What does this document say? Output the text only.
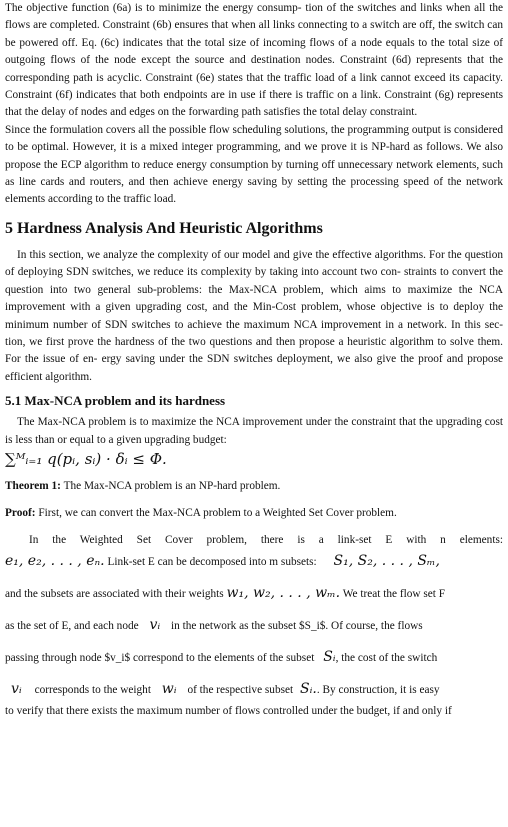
The objective function (6a) is to minimize the energy consump- tion of the switches and links when all the flows are completed. Constraint (6b) ensures that when all links connecting to a switch are off, the switch can be powered off. Eq. (6c) indicates that the total size of incoming flows of a node equals to the total size of outgoing flows of the node except the source and destination nodes. Constraint (6d) represents that the corresponding path is acyclic. Constraint (6e) states that the traffic load of a link cannot exceed its capacity. Constraint (6f) indicates that both endpoints are in use if there is traffic on a link. Constraint (6g) represents that the delay of nodes and edges on the forwarding path satisfies the total delay constraint.

Since the formulation covers all the possible flow scheduling solutions, the programming output is considered to be optimal. However, it is a mixed integer programming, and we prove it is NP-hard as follows. We also propose the ECP algorithm to reduce energy consumption by turning off unnecessary network elements, such as line cards and routers, and then achieve energy saving by setting the processing speed of the network elements according to the traffic load.

5 Hardness Analysis And Heuristic Algorithms

In this section, we analyze the complexity of our model and give the effective algorithms. For the question of deploying SDN switches, we reduce its complexity by taking into account two con- straints to convert the question into two general sub-problems: the Max-NCA problem, which aims to maximize the NCA improvement with a given upgrading cost, and the Min-Cost problem, whose objective is to deploy the minimum number of SDN switches to achieve the maximum NCA improvement in a network. In this sec- tion, we first prove the hardness of the two questions and then propose a heuristic algorithm to solve them. For the issue of en- ergy saving under the SDN switches deployment, we also give the proof and propose efficient algorithm.

5.1 Max-NCA problem and its hardness

The Max-NCA problem is to maximize the NCA improvement under the constraint that the upgrading cost is less than or equal to a given upgrading budget:

∑ᴹᵢ₌₁ q(pᵢ, sᵢ) · δᵢ ≤ Φ.

Theorem 1: The Max-NCA problem is an NP-hard problem.

Proof: First, we can convert the Max-NCA problem to a Weighted Set Cover problem.

In the Weighted Set Cover problem, there is a link-set E with n elements:

e₁, e₂, . . . , eₙ. Link-set E can be decomposed into m subsets: S₁, S₂, . . . , Sₘ,

and the subsets are associated with their weights w₁, w₂, . . . , wₘ. We treat the flow set F

as the set of E, and each node vᵢ in the network as the subset $S_i$. Of course, the flows

passing through node $v_i$ correspond to the elements of the subset Sᵢ, the cost of the switch

vᵢ corresponds to the weight wᵢ of the respective subset Sᵢ.. By construction, it is easy

to verify that there exists the maximum number of flows controlled under the budget, if and only if
